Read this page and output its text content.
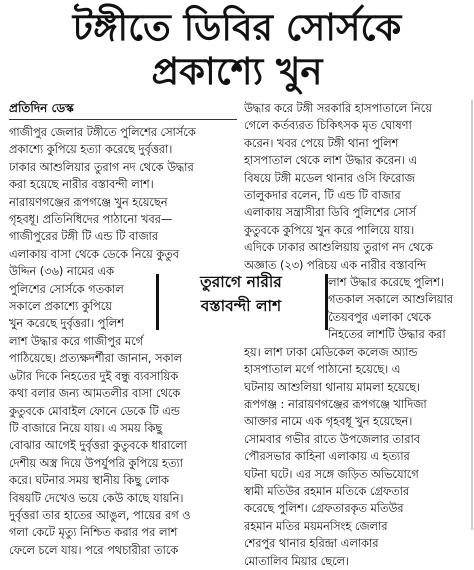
টঙ্গীতে ডিবির সোর্সকে
প্রকাশ্যে খুন
প্রতিদিন ডেস্ক
গাজীপুর জেলার টঙ্গীতে পুলিশের সোর্সকে
প্রকাশ্যে কুপিয়ে হত্যা করেছে দুর্বৃত্তরা।
ঢাকার আশুলিয়ার তুরাগ নদ থেকে উদ্ধার
করা হয়েছে নারীর বস্তাবন্দী লাশ।
নারায়ণগঞ্জের রূপগঞ্জে খুন হয়েছেন
গৃহবধূ। প্রতিনিধিদের পাঠানো খবর—
গাজীপুরের টঙ্গী টি এন্ড টি বাজার
এলাকায় বাসা থেকে ডেকে নিয়ে কুতুব
উদ্দিন (৩৬) নামের এক
পুলিশের সোর্সকে গতকাল
সকালে প্রকাশ্যে কুপিয়ে
খুন করেছে দুর্বৃত্তরা। পুলিশ
লাশ উদ্ধার করে গাজীপুর মর্গে
পাঠিয়েছে। প্রত্যক্ষদর্শীরা জানান, সকাল
৬টার দিকে নিহতের দুই বন্ধু ব্যবসায়িক
কথা বলার জন্য আমতলীর বাসা থেকে
কুতুবকে মোবাইল ফোনে ডেকে টি এন্ড
টি বাজারে নিয়ে যায়। এ সময় কিছু
বোঝার আগেই দুর্বৃত্তরা কুতুবকে ধারালো
দেশীয় অস্ত্র দিয়ে উপর্যুপরি কুপিয়ে হত্যা
করে। ঘটনার সময় স্থানীয় কিছু লোক
বিষয়টি দেখেও ভয়ে কেউ কাছে যায়নি।
দুর্বৃত্তরা তার হাতের আঙুল, পায়ের রগ ও
গলা কেটে মৃত্যু নিশ্চিত করার পর লাশ
ফেলে চলে যায়। পরে পথচারীরা তাকে
উদ্ধার করে টঙ্গী সরকারি হাসপাতালে নিয়ে
গেলে কর্তব্যরত চিকিৎসক মৃত ঘোষণা
করেন। খবর পেয়ে টঙ্গী থানা পুলিশ
হাসপাতাল থেকে লাশ উদ্ধার করেন। এ
বিষয়ে টঙ্গী মডেল থানার ওসি ফিরোজ
তালুকদার বলেন, টি এন্ড টি বাজার
এলাকায় সন্ত্রাসীরা ডিবি পুলিশের সোর্স
কুতুবকে কুপিয়ে খুন করে পালিয়ে যায়।
এদিকে ঢাকার আশুলিয়ায় তুরাগ নদ থেকে
অজ্ঞাত (২৩) পরিচয় এক নারীর বস্তাবন্দি
লাশ উদ্ধার করেছে পুলিশ।
গতকাল সকালে আশুলিয়ার
তৈয়বপুর এলাকা থেকে
নিহতের লাশটি উদ্ধার করা
হয়। লাশ ঢাকা মেডিকেল কলেজ অ্যান্ড
হাসপাতাল মর্গে পাঠানো হয়েছে। এ
ঘটনায় আশুলিয়া থানায় মামলা হয়েছে।
রূপগঞ্জ : নারায়ণগঞ্জের রূপগঞ্জে খাদিজা
আক্তার নামে এক গৃহবধূ খুন হয়েছেন।
সোমবার গভীর রাতে উপজেলার তারাব
পৌরসভার কাহিনা এলাকায় এ হত্যার
ঘটনা ঘটে। এর সঙ্গে জড়িত অভিযোগে
স্বামী মতিউর রহমান মতিকে গ্রেফতার
করেছে পুলিশ। গ্রেফতারকৃত মতিউর
রহমান মতির ময়মনসিংহ জেলার
শেরপুর থানার হরিন্দ্রা এলাকার
মোতালিব মিয়ার ছেলে।
তুরাগে নারীর
বস্তাবন্দী লাশ
